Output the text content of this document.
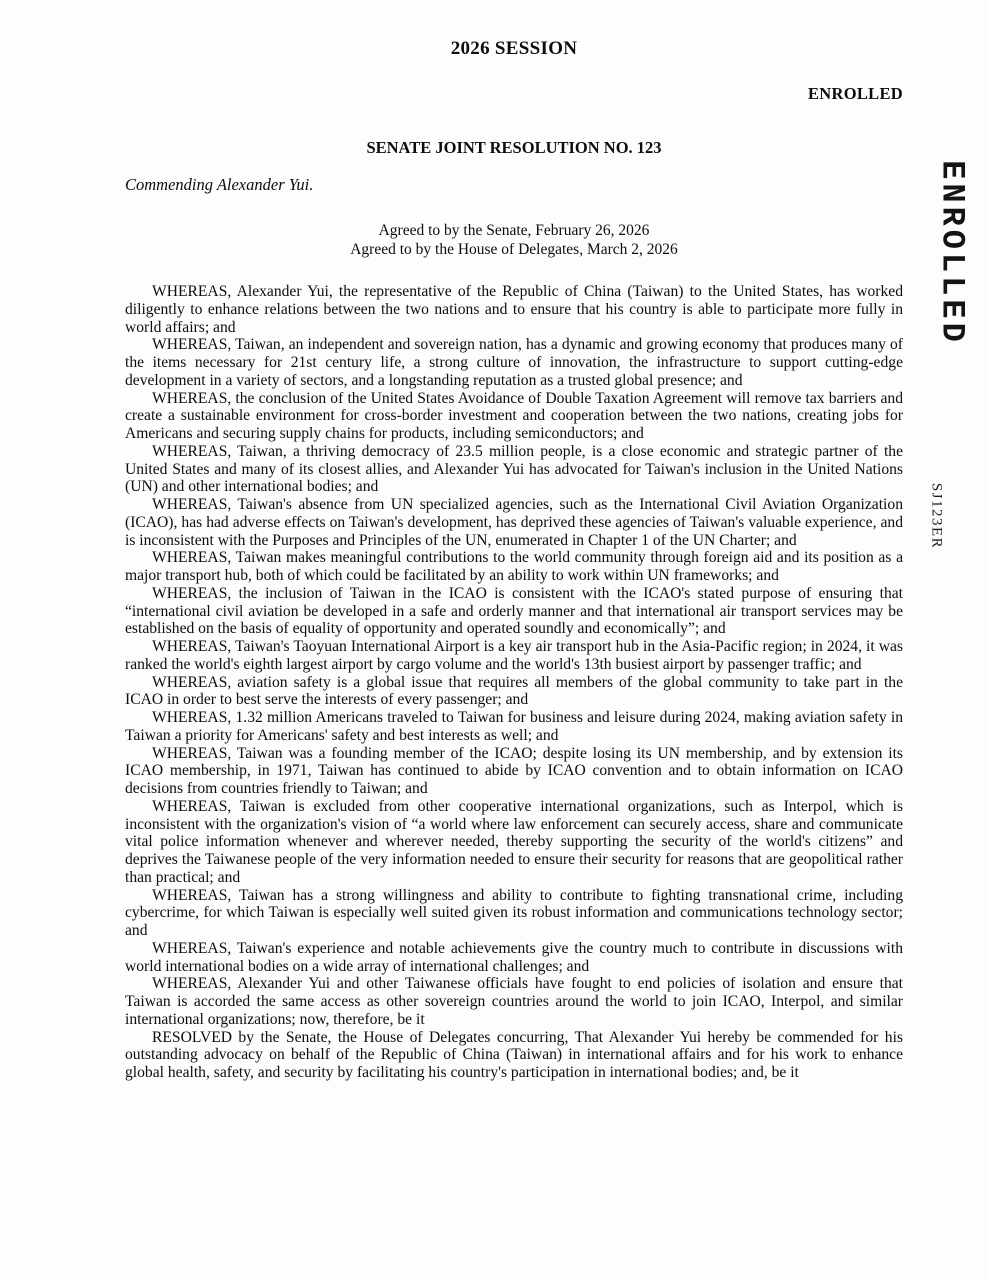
2026 SESSION
ENROLLED
SENATE JOINT RESOLUTION NO. 123
Commending Alexander Yui.
Agreed to by the Senate, February 26, 2026
Agreed to by the House of Delegates, March 2, 2026

WHEREAS, Alexander Yui, the representative of the Republic of China (Taiwan) to the United States, has worked diligently to enhance relations between the two nations and to ensure that his country is able to participate more fully in world affairs; and

WHEREAS, Taiwan, an independent and sovereign nation, has a dynamic and growing economy that produces many of the items necessary for 21st century life, a strong culture of innovation, the infrastructure to support cutting-edge development in a variety of sectors, and a longstanding reputation as a trusted global presence; and

WHEREAS, the conclusion of the United States Avoidance of Double Taxation Agreement will remove tax barriers and create a sustainable environment for cross-border investment and cooperation between the two nations, creating jobs for Americans and securing supply chains for products, including semiconductors; and

WHEREAS, Taiwan, a thriving democracy of 23.5 million people, is a close economic and strategic partner of the United States and many of its closest allies, and Alexander Yui has advocated for Taiwan's inclusion in the United Nations (UN) and other international bodies; and

WHEREAS, Taiwan's absence from UN specialized agencies, such as the International Civil Aviation Organization (ICAO), has had adverse effects on Taiwan's development, has deprived these agencies of Taiwan's valuable experience, and is inconsistent with the Purposes and Principles of the UN, enumerated in Chapter 1 of the UN Charter; and

WHEREAS, Taiwan makes meaningful contributions to the world community through foreign aid and its position as a major transport hub, both of which could be facilitated by an ability to work within UN frameworks; and

WHEREAS, the inclusion of Taiwan in the ICAO is consistent with the ICAO's stated purpose of ensuring that “international civil aviation be developed in a safe and orderly manner and that international air transport services may be established on the basis of equality of opportunity and operated soundly and economically”; and

WHEREAS, Taiwan's Taoyuan International Airport is a key air transport hub in the Asia-Pacific region; in 2024, it was ranked the world's eighth largest airport by cargo volume and the world's 13th busiest airport by passenger traffic; and

WHEREAS, aviation safety is a global issue that requires all members of the global community to take part in the ICAO in order to best serve the interests of every passenger; and

WHEREAS, 1.32 million Americans traveled to Taiwan for business and leisure during 2024, making aviation safety in Taiwan a priority for Americans' safety and best interests as well; and

WHEREAS, Taiwan was a founding member of the ICAO; despite losing its UN membership, and by extension its ICAO membership, in 1971, Taiwan has continued to abide by ICAO convention and to obtain information on ICAO decisions from countries friendly to Taiwan; and

WHEREAS, Taiwan is excluded from other cooperative international organizations, such as Interpol, which is inconsistent with the organization's vision of “a world where law enforcement can securely access, share and communicate vital police information whenever and wherever needed, thereby supporting the security of the world's citizens” and deprives the Taiwanese people of the very information needed to ensure their security for reasons that are geopolitical rather than practical; and

WHEREAS, Taiwan has a strong willingness and ability to contribute to fighting transnational crime, including cybercrime, for which Taiwan is especially well suited given its robust information and communications technology sector; and

WHEREAS, Taiwan's experience and notable achievements give the country much to contribute in discussions with world international bodies on a wide array of international challenges; and

WHEREAS, Alexander Yui and other Taiwanese officials have fought to end policies of isolation and ensure that Taiwan is accorded the same access as other sovereign countries around the world to join ICAO, Interpol, and similar international organizations; now, therefore, be it

RESOLVED by the Senate, the House of Delegates concurring, That Alexander Yui hereby be commended for his outstanding advocacy on behalf of the Republic of China (Taiwan) in international affairs and for his work to enhance global health, safety, and security by facilitating his country's participation in international bodies; and, be it

ENROLLED
SJ123ER
